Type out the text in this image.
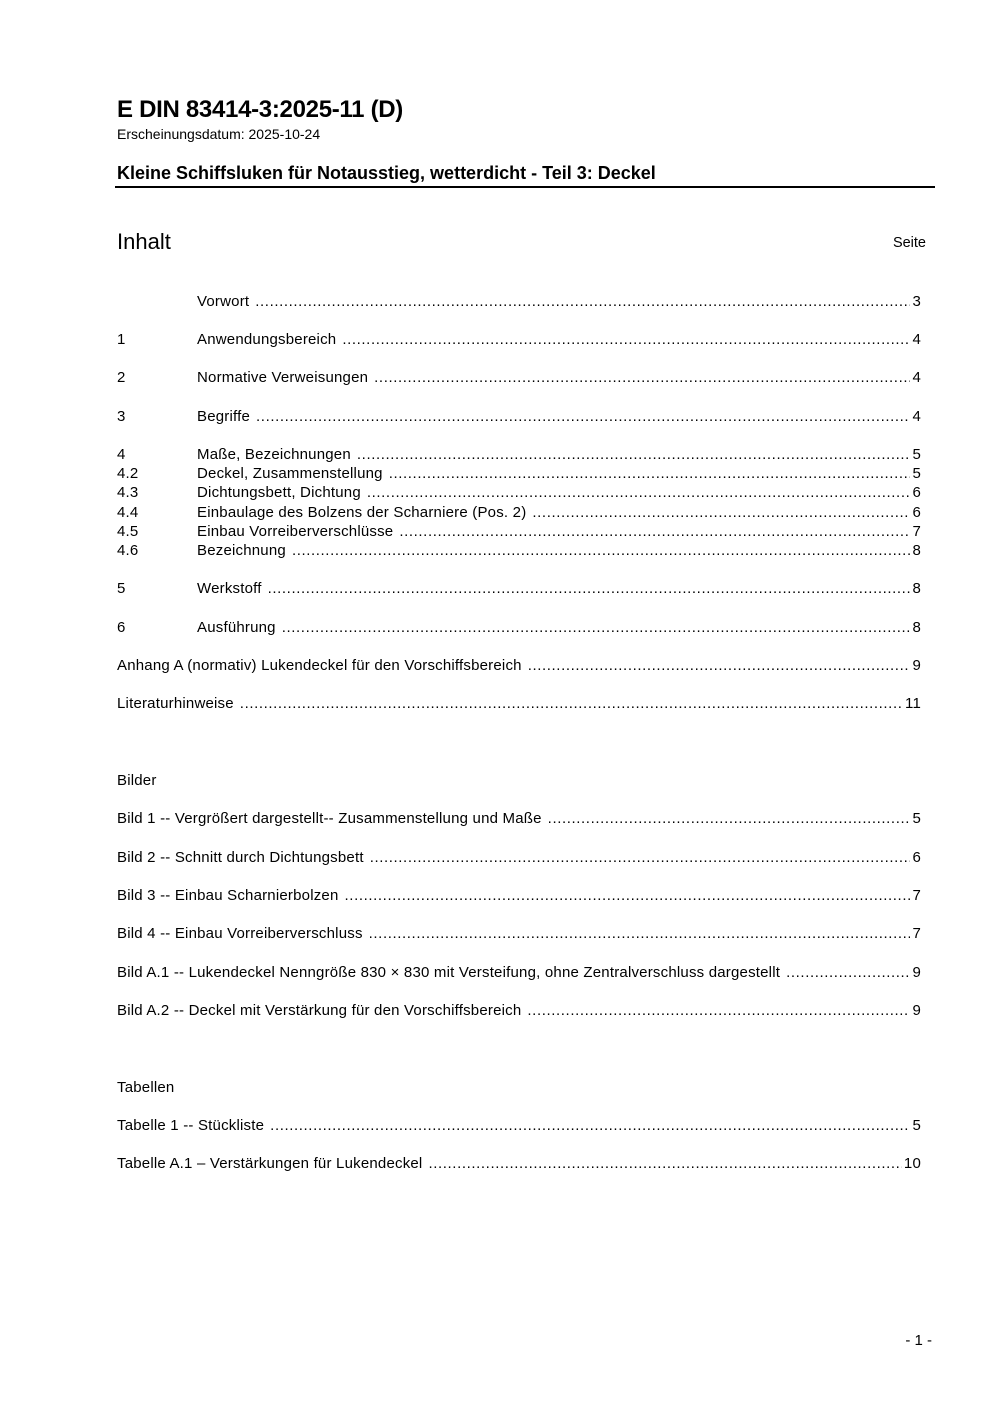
E DIN 83414-3:2025-11 (D)
Erscheinungsdatum: 2025-10-24
Kleine Schiffsluken für Notausstieg, wetterdicht - Teil 3: Deckel
Inhalt	Seite
Vorwort .....	3
1	Anwendungsbereich .....	4
2	Normative Verweisungen .....	4
3	Begriffe .....	4
4	Maße, Bezeichnungen .....	5
4.2	Deckel, Zusammenstellung .....	5
4.3	Dichtungsbett, Dichtung .....	6
4.4	Einbaulage des Bolzens der Scharniere (Pos. 2) .....	6
4.5	Einbau Vorreiberverschlüsse .....	7
4.6	Bezeichnung .....	8
5	Werkstoff .....	8
6	Ausführung .....	8
Anhang A (normativ) Lukendeckel für den Vorschiffsbereich .....	9
Literaturhinweise .....	11
Bilder
Bild 1 -- Vergrößert dargestellt-- Zusammenstellung und Maße .....	5
Bild 2 -- Schnitt durch Dichtungsbett .....	6
Bild 3 -- Einbau Scharnierbolzen .....	7
Bild 4 -- Einbau Vorreiberverschluss .....	7
Bild A.1 -- Lukendeckel Nenngröße 830 × 830 mit Versteifung, ohne Zentralverschluss dargestellt .....	9
Bild A.2 -- Deckel mit Verstärkung für den Vorschiffsbereich .....	9
Tabellen
Tabelle 1 -- Stückliste .....	5
Tabelle A.1 – Verstärkungen für Lukendeckel .....	10
- 1 -
